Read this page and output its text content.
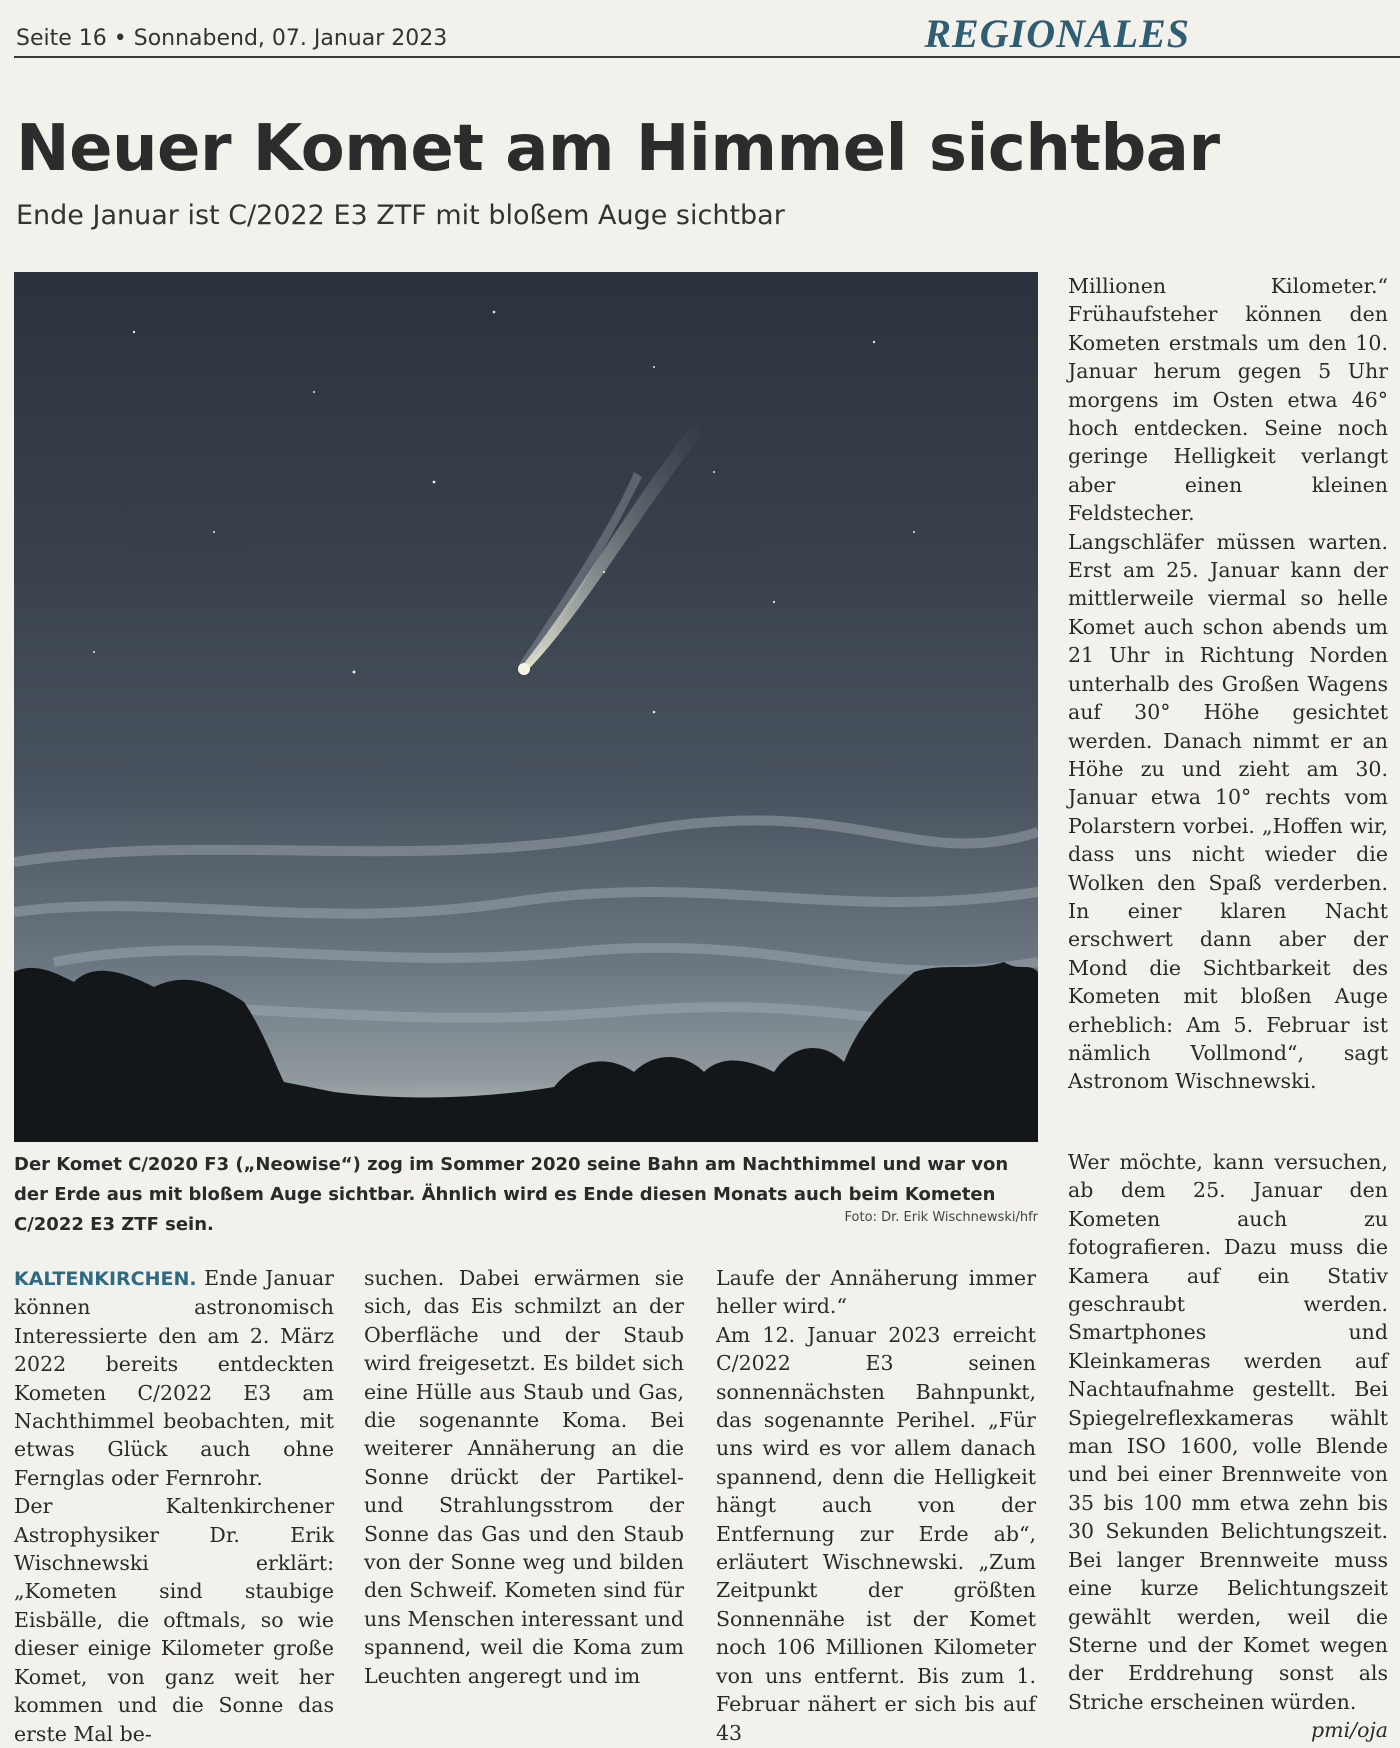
Seite 16 • Sonnabend, 07. Januar 2023	REGIONALES
Neuer Komet am Himmel sichtbar
Ende Januar ist C/2022 E3 ZTF mit bloßem Auge sichtbar
Der Komet C/2020 F3 („Neowise“) zog im Sommer 2020 seine Bahn am Nachthimmel und war von der Erde aus mit bloßem Auge sichtbar. Ähnlich wird es Ende diesen Monats auch beim Kometen C/2022 E3 ZTF sein.	Foto: Dr. Erik Wischnewski/hfr

KALTENKIRCHEN. Ende Januar können astronomisch Interessierte den am 2. März 2022 bereits entdeckten Kometen C/2022 E3 am Nachthimmel beobachten, mit etwas Glück auch ohne Fernglas oder Fernrohr.

Der Kaltenkirchener Astrophysiker Dr. Erik Wischnewski erklärt: „Kometen sind staubige Eisbälle, die oftmals, so wie dieser einige Kilometer große Komet, von ganz weit her kommen und die Sonne das erste Mal be-

suchen. Dabei erwärmen sie sich, das Eis schmilzt an der Oberfläche und der Staub wird freigesetzt. Es bildet sich eine Hülle aus Staub und Gas, die sogenannte Koma. Bei weiterer Annäherung an die Sonne drückt der Partikel- und Strahlungsstrom der Sonne das Gas und den Staub von der Sonne weg und bilden den Schweif. Kometen sind für uns Menschen interessant und spannend, weil die Koma zum Leuchten angeregt und im

Laufe der Annäherung immer heller wird.“

Am 12. Januar 2023 erreicht C/2022 E3 seinen sonnennächsten Bahnpunkt, das sogenannte Perihel. „Für uns wird es vor allem danach spannend, denn die Helligkeit hängt auch von der Entfernung zur Erde ab“, erläutert Wischnewski. „Zum Zeitpunkt der größten Sonnennähe ist der Komet noch 106 Millionen Kilometer von uns entfernt. Bis zum 1. Februar nähert er sich bis auf 43

Millionen Kilometer.“ Frühaufsteher können den Kometen erstmals um den 10. Januar herum gegen 5 Uhr morgens im Osten etwa 46° hoch entdecken. Seine noch geringe Helligkeit verlangt aber einen kleinen Feldstecher.

Langschläfer müssen warten. Erst am 25. Januar kann der mittlerweile viermal so helle Komet auch schon abends um 21 Uhr in Richtung Norden unterhalb des Großen Wagens auf 30° Höhe gesichtet werden. Danach nimmt er an Höhe zu und zieht am 30. Januar etwa 10° rechts vom Polarstern vorbei. „Hoffen wir, dass uns nicht wieder die Wolken den Spaß verderben. In einer klaren Nacht erschwert dann aber der Mond die Sichtbarkeit des Kometen mit bloßen Auge erheblich: Am 5. Februar ist nämlich Vollmond“, sagt Astronom Wischnewski.

Wer möchte, kann versuchen, ab dem 25. Januar den Kometen auch zu fotografieren. Dazu muss die Kamera auf ein Stativ geschraubt werden. Smartphones und Kleinkameras werden auf Nachtaufnahme gestellt. Bei Spiegelreflexkameras wählt man ISO 1600, volle Blende und bei einer Brennweite von 35 bis 100 mm etwa zehn bis 30 Sekunden Belichtungszeit. Bei langer Brennweite muss eine kurze Belichtungszeit gewählt werden, weil die Sterne und der Komet wegen der Erddrehung sonst als Striche erscheinen würden.
pmi/oja
